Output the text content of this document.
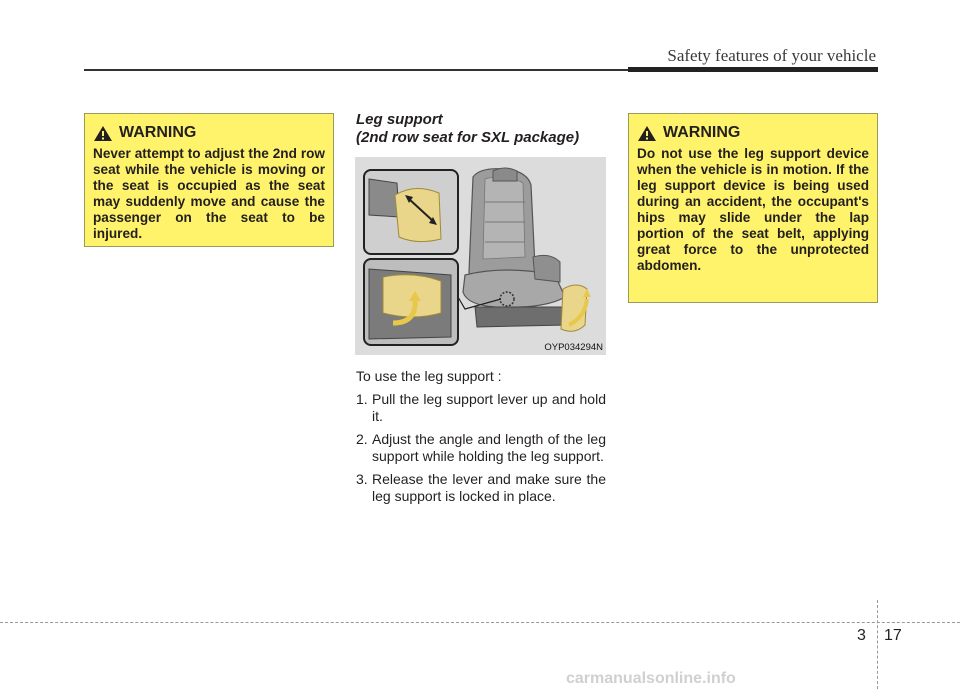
Safety features of your vehicle
WARNING
Never attempt to adjust the 2nd row seat while the vehicle is moving or the seat is occupied as the seat may suddenly move and cause the passenger on the seat to be injured.
Leg support
(2nd row seat for SXL package)
OYP034294N

To use the leg support :

1. Pull the leg support lever up and hold it.
2. Adjust the angle and length of the leg support while holding the leg support.
3. Release the lever and make sure the leg support is locked in place.
WARNING
Do not use the leg support device when the vehicle is in motion. If the leg support device is being used during an accident, the occupant's hips may slide under the lap portion of the seat belt, applying great force to the unprotected abdomen.
3 17
carmanualsonline.info
